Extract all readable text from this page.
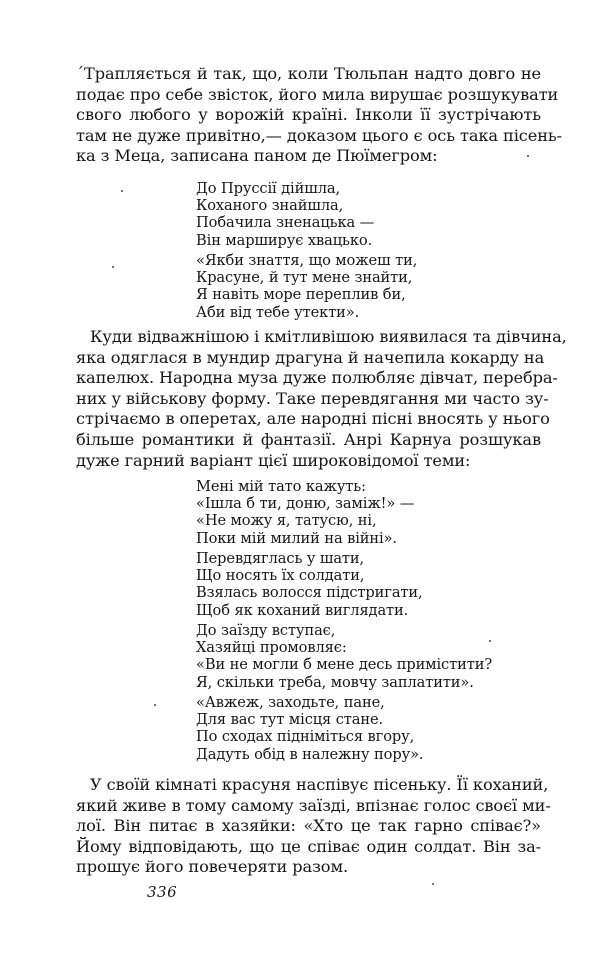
´Трапляється й так, що, коли Тюльпан надто довго не
подає про себе звісток, його мила вирушає розшукувати
свого любого у ворожій країні. Інколи її зустрічають
там не дуже привітно,— доказом цього є ось така пісень-
ка з Меца, записана паном де Пюїмегром:
До Пруссії дійшла,
Коханого знайшла,
Побачила зненацька —
Він марширує хвацько.
«Якби знаття, що можеш ти,
Красуне, й тут мене знайти,
Я навіть море переплив би,
Аби від тебе утекти».
Куди відважнішою і кмітливішою виявилася та дівчина,
яка одяглася в мундир драгуна й начепила кокарду на
капелюх. Народна муза дуже полюбляє дівчат, перебра-
них у військову форму. Таке перевдягання ми часто зу-
стрічаємо в оперетах, але народні пісні вносять у нього
більше романтики й фантазії. Анрі Карнуа розшукав
дуже гарний варіант цієї широковідомої теми:
Мені мій тато кажуть:
«Ішла б ти, доню, заміж!» —
«Не можу я, татусю, ні,
Поки мій милий на війні».
Перевдяглась у шати,
Що носять їх солдати,
Взялась волосся підстригати,
Щоб як коханий виглядати.
До заїзду вступає,
Хазяйці промовляє:
«Ви не могли б мене десь примістити?
Я, скільки треба, мовчу заплатити».
«Авжеж, заходьте, пане,
Для вас тут місця стане.
По сходах підніміться вгору,
Дадуть обід в належну пору».
У своїй кімнаті красуня наспівує пісеньку. Її коханий,
який живе в тому самому заїзді, впізнає голос своєї ми-
лої. Він питає в хазяйки: «Хто це так гарно співає?»
Йому відповідають, що це співає один солдат. Він за-
прошує його повечеряти разом.
336
